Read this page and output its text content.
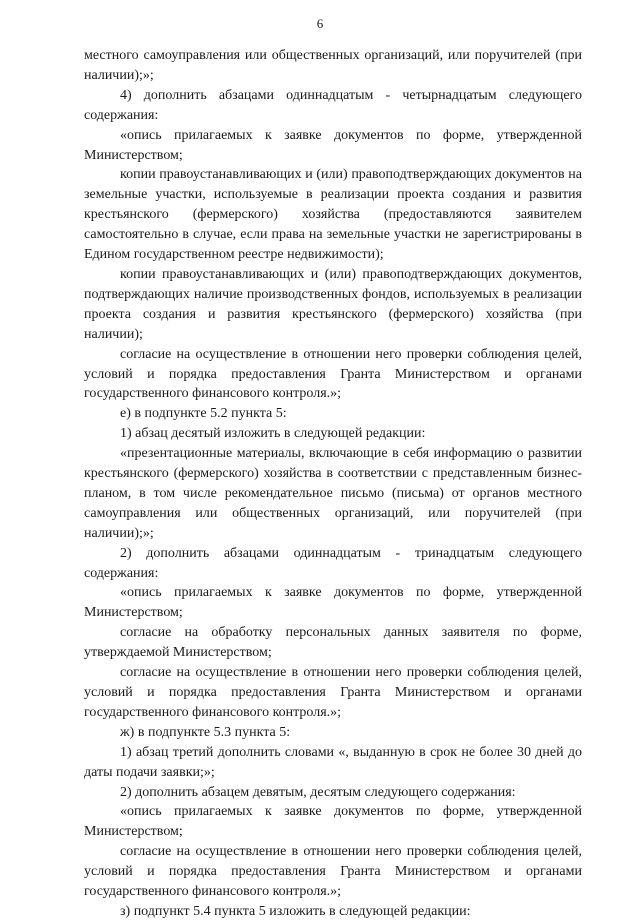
6

местного самоуправления или общественных организаций, или поручителей (при наличии);»;

4) дополнить абзацами одиннадцатым - четырнадцатым следующего содержания:

«опись прилагаемых к заявке документов по форме, утвержденной Министерством;

копии правоустанавливающих и (или) правоподтверждающих документов на земельные участки, используемые в реализации проекта создания и развития крестьянского (фермерского) хозяйства (предоставляются заявителем самостоятельно в случае, если права на земельные участки не зарегистрированы в Едином государственном реестре недвижимости);

копии правоустанавливающих и (или) правоподтверждающих документов, подтверждающих наличие производственных фондов, используемых в реализации проекта создания и развития крестьянского (фермерского) хозяйства (при наличии);

согласие на осуществление в отношении него проверки соблюдения целей, условий и порядка предоставления Гранта Министерством и органами государственного финансового контроля.»;

е) в подпункте 5.2 пункта 5:

1) абзац десятый изложить в следующей редакции:

«презентационные материалы, включающие в себя информацию о развитии крестьянского (фермерского) хозяйства в соответствии с представленным бизнес-планом, в том числе рекомендательное письмо (письма) от органов местного самоуправления или общественных организаций, или поручителей (при наличии);»;

2) дополнить абзацами одиннадцатым - тринадцатым следующего содержания:

«опись прилагаемых к заявке документов по форме, утвержденной Министерством;

согласие на обработку персональных данных заявителя по форме, утверждаемой Министерством;

согласие на осуществление в отношении него проверки соблюдения целей, условий и порядка предоставления Гранта Министерством и органами государственного финансового контроля.»;

ж) в подпункте 5.3 пункта 5:

1) абзац третий дополнить словами «, выданную в срок не более 30 дней до даты подачи заявки;»;

2) дополнить абзацем девятым, десятым следующего содержания:

«опись прилагаемых к заявке документов по форме, утвержденной Министерством;

согласие на осуществление в отношении него проверки соблюдения целей, условий и порядка предоставления Гранта Министерством и органами государственного финансового контроля.»;

з) подпункт 5.4 пункта 5 изложить в следующей редакции:
